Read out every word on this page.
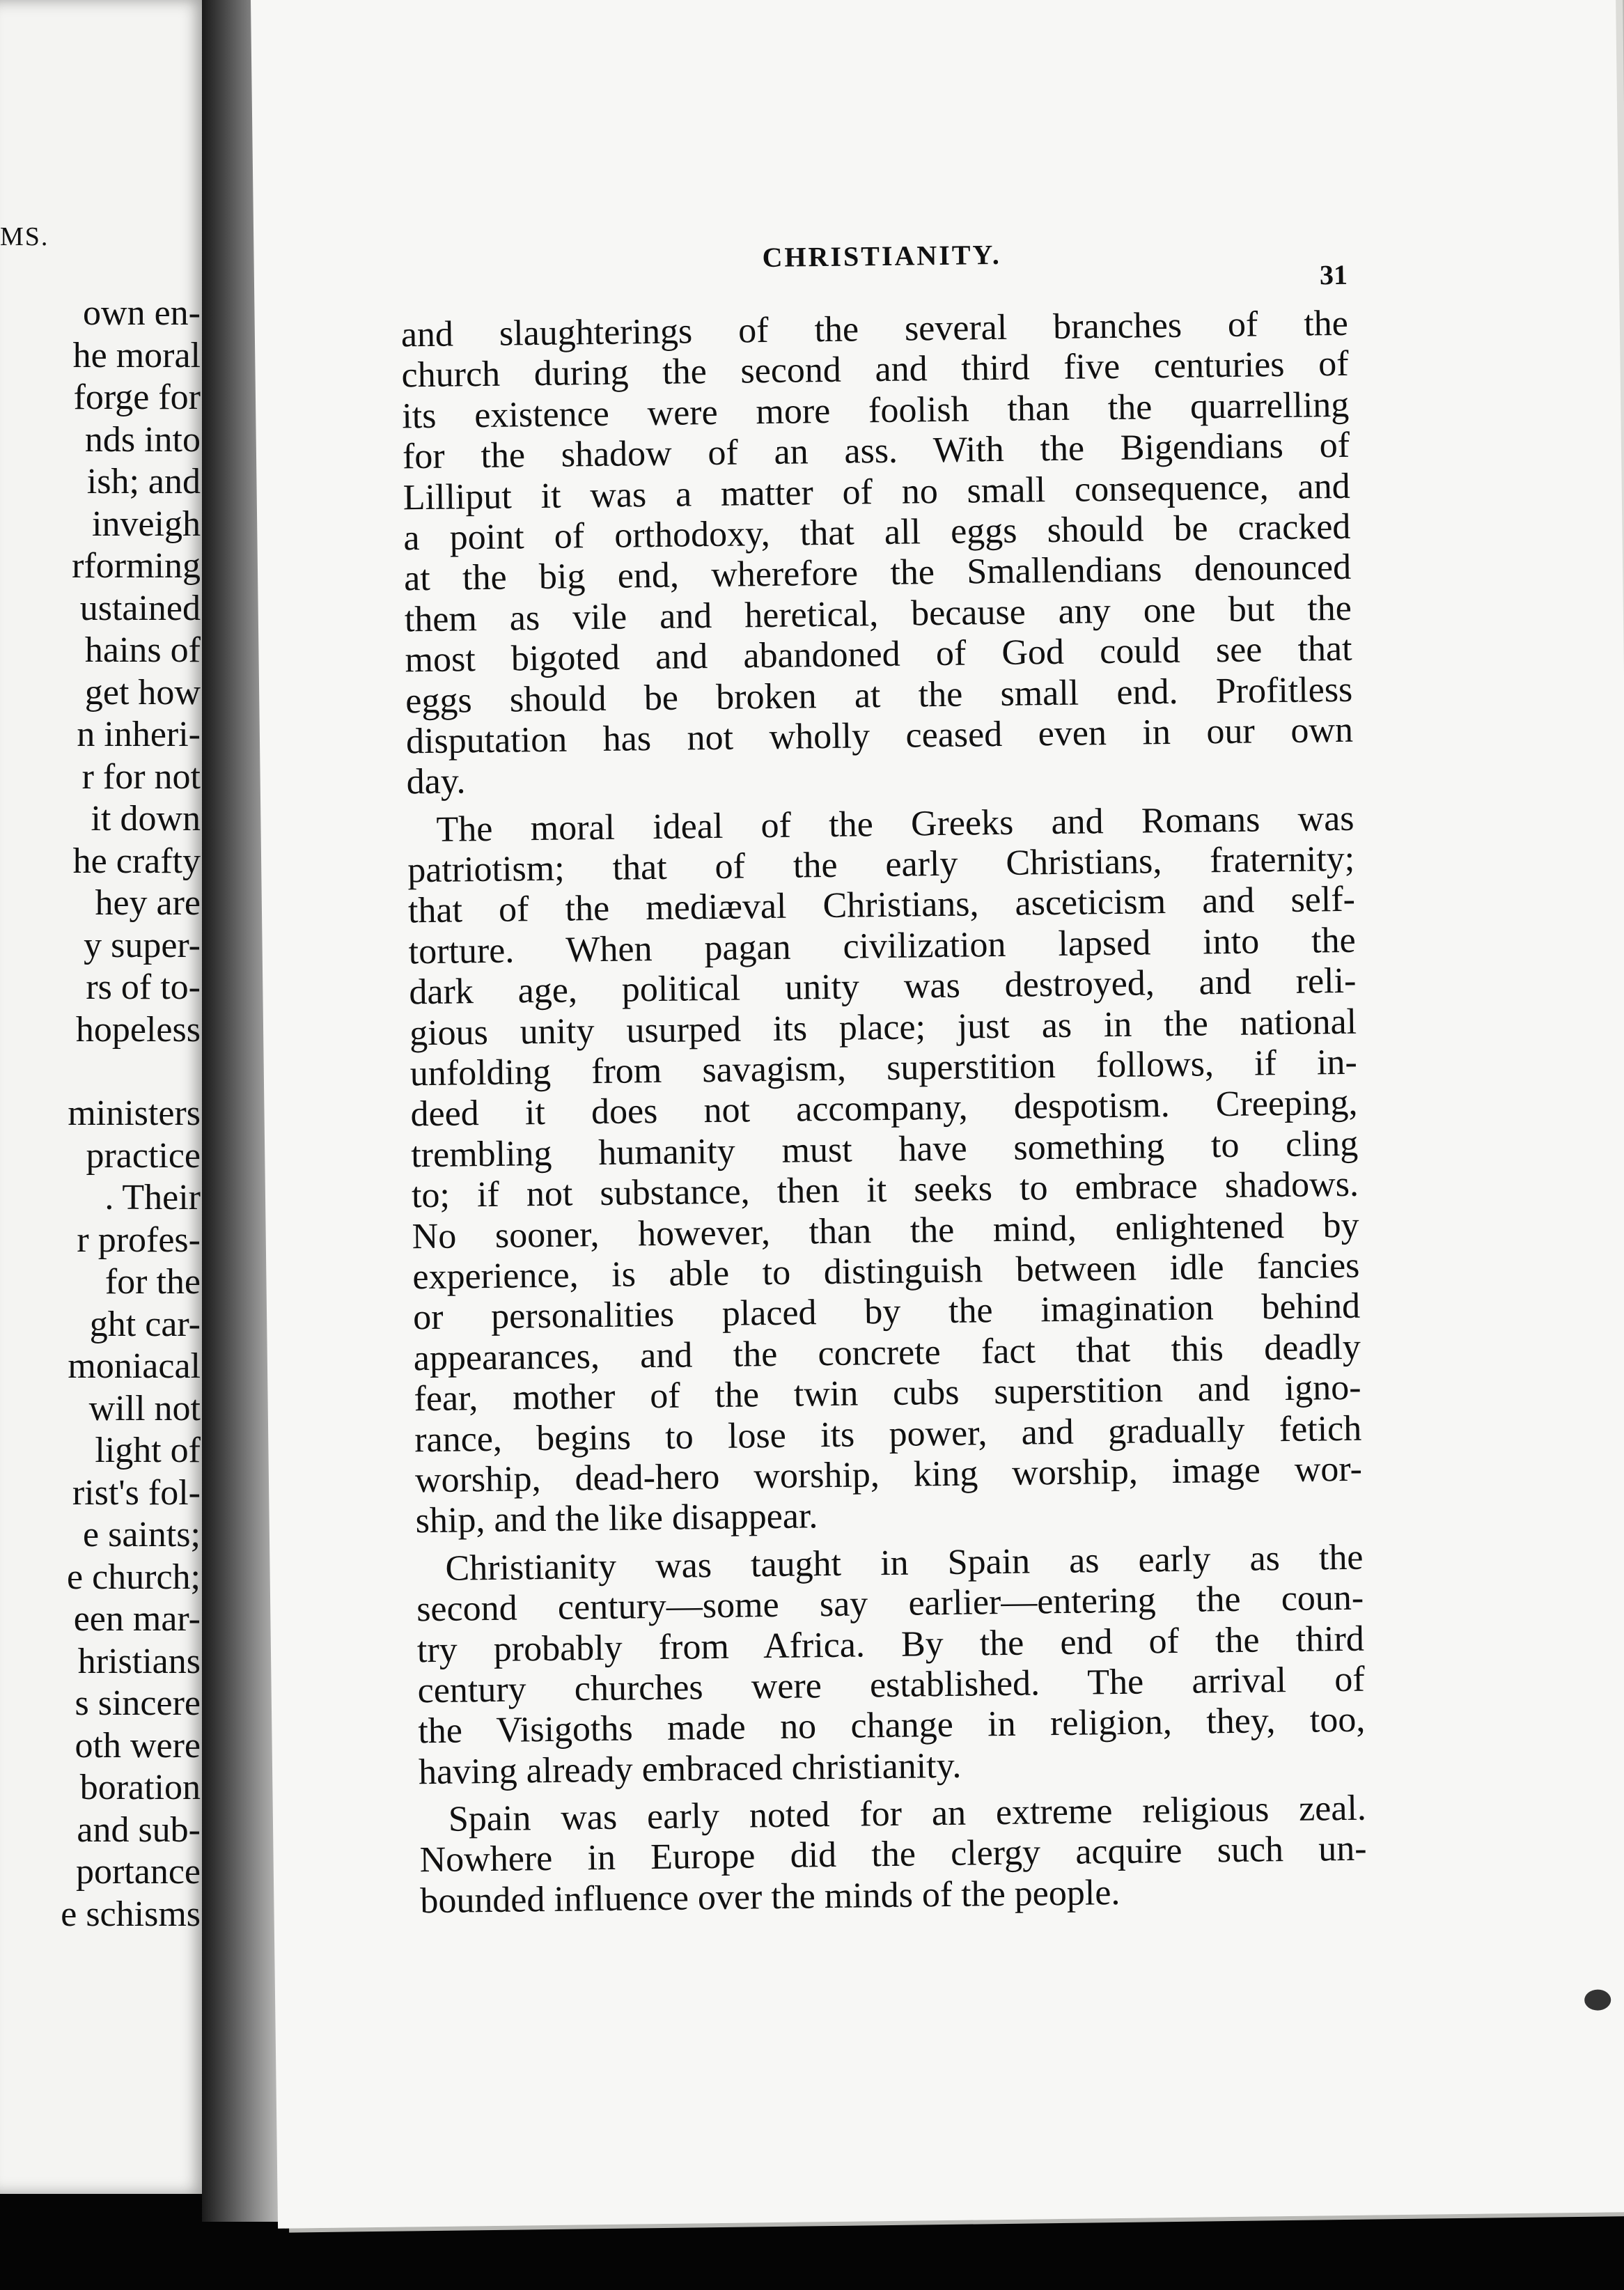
MS.
own en-
he moral
forge for
nds into
ish; and
inveigh
rforming
ustained
hains of
get how
n inheri-
r for not
it down
he crafty
hey are
y super-
rs of to-
hopeless
ministers
practice
. Their
r profes-
for the
ght car-
moniacal
will not
light of
rist's fol-
e saints;
e church;
een mar-
hristians
s sincere
oth were
boration
and sub-
portance
e schisms
CHRISTIANITY.
31
and slaughterings of the several branches of the
church during the second and third five centuries of
its existence were more foolish than the quarrelling
for the shadow of an ass. With the Bigendians of
Lilliput it was a matter of no small consequence, and
a point of orthodoxy, that all eggs should be cracked
at the big end, wherefore the Smallendians denounced
them as vile and heretical, because any one but the
most bigoted and abandoned of God could see that
eggs should be broken at the small end. Profitless
disputation has not wholly ceased even in our own
day.
The moral ideal of the Greeks and Romans was
patriotism; that of the early Christians, fraternity;
that of the mediæval Christians, asceticism and self-
torture. When pagan civilization lapsed into the
dark age, political unity was destroyed, and reli-
gious unity usurped its place; just as in the national
unfolding from savagism, superstition follows, if in-
deed it does not accompany, despotism. Creeping,
trembling humanity must have something to cling
to; if not substance, then it seeks to embrace shadows.
No sooner, however, than the mind, enlightened by
experience, is able to distinguish between idle fancies
or personalities placed by the imagination behind
appearances, and the concrete fact that this deadly
fear, mother of the twin cubs superstition and igno-
rance, begins to lose its power, and gradually fetich
worship, dead-hero worship, king worship, image wor-
ship, and the like disappear.
Christianity was taught in Spain as early as the
second century—some say earlier—entering the coun-
try probably from Africa. By the end of the third
century churches were established. The arrival of
the Visigoths made no change in religion, they, too,
having already embraced christianity.
Spain was early noted for an extreme religious zeal.
Nowhere in Europe did the clergy acquire such un-
bounded influence over the minds of the people.
